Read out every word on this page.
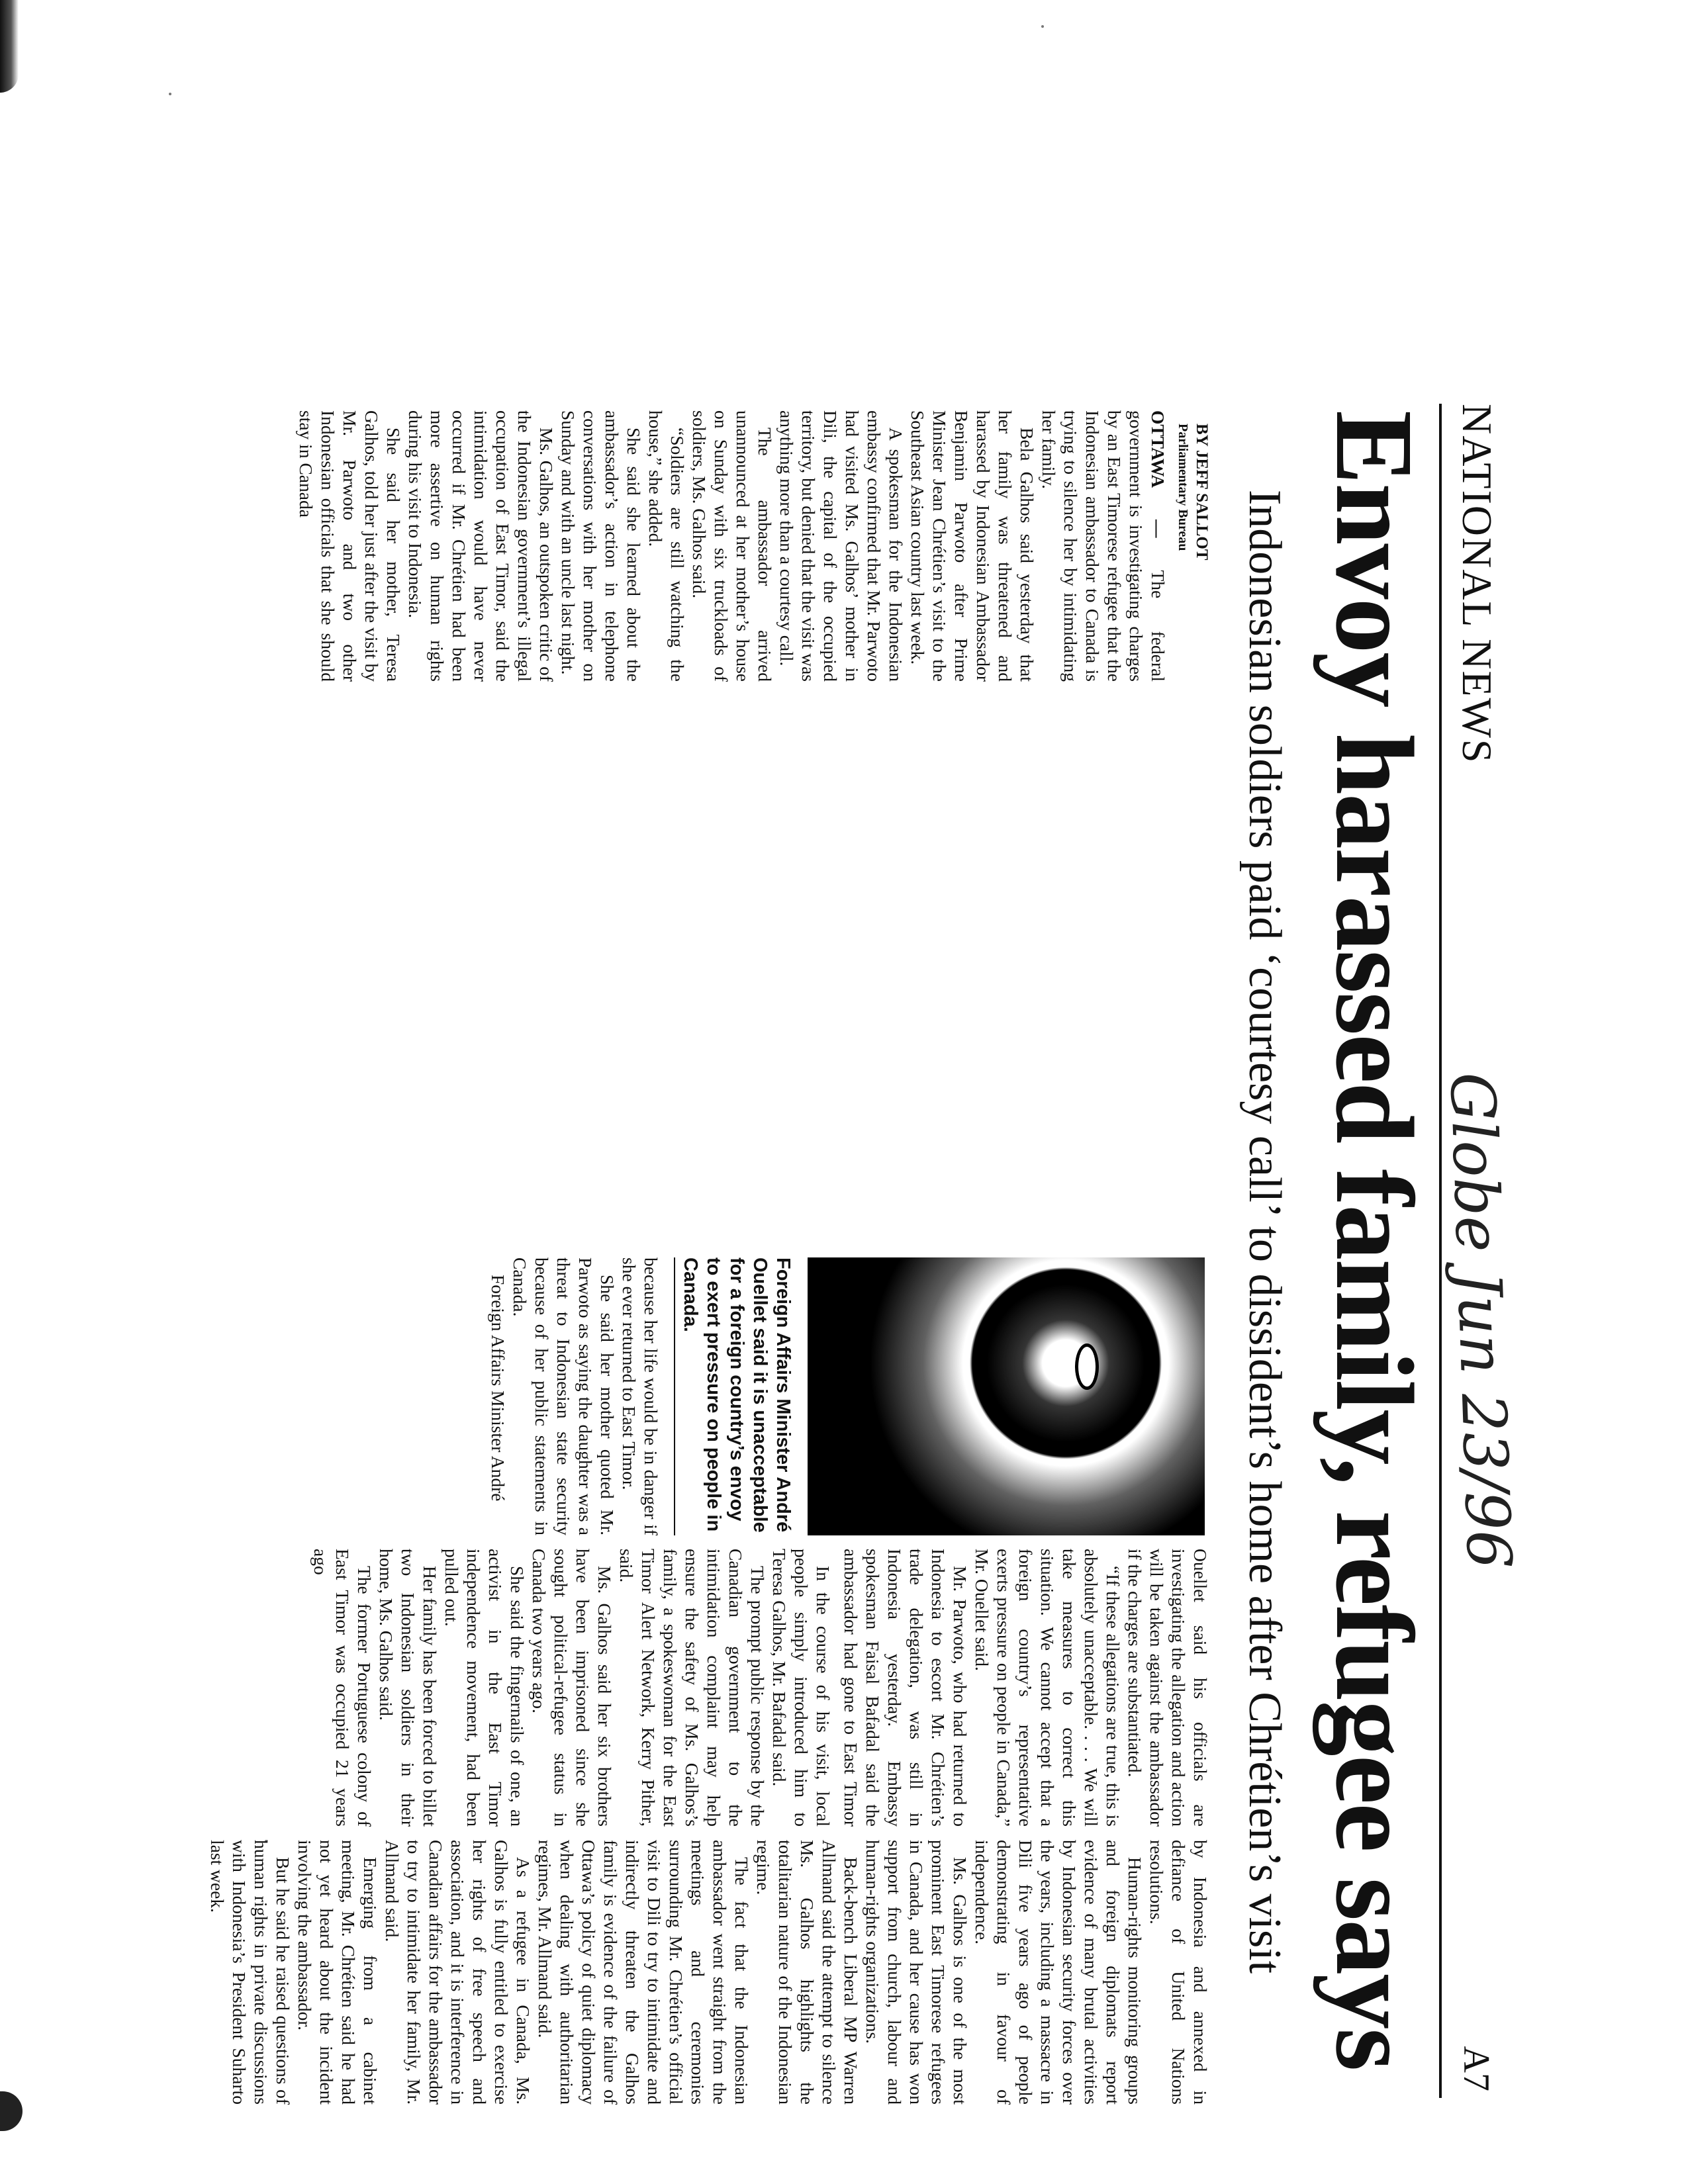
NATIONAL NEWS
Globe Jun 23/96
A7
Envoy harassed family, refugee says
Indonesian soldiers paid ‘courtesy call’ to dissident’s home after Chrétien’s visit
BY JEFF SALLOT
Parliamentary Bureau

OTTAWA — The federal government is investigating charges by an East Timorese refugee that the Indonesian ambassador to Canada is trying to silence her by intimidating her family.

Bela Galhos said yesterday that her family was threatened and harassed by Indonesian Ambassador Benjamin Parwoto after Prime Minister Jean Chrétien’s visit to the Southeast Asian country last week.

A spokesman for the Indonesian embassy confirmed that Mr. Parwoto had visited Ms. Galhos’ mother in Dili, the capital of the occupied territory, but denied that the visit was anything more than a courtesy call.

The ambassador arrived unannounced at her mother’s house on Sunday with six truckloads of soldiers, Ms. Galhos said.

“Soldiers are still watching the house,” she added.

She said she learned about the ambassador’s action in telephone conversations with her mother on Sunday and with an uncle last night.

Ms. Galhos, an outspoken critic of the Indonesian government’s illegal occupation of East Timor, said the intimidation would have never occurred if Mr. Chrétien had been more assertive on human rights during his visit to Indonesia.

She said her mother, Teresa Galhos, told her just after the visit by Mr. Parwoto and two other Indonesian officials that she should stay in Canada

Foreign Affairs Minister André Ouellet said it is unacceptable for a foreign country’s envoy to exert pressure on people in Canada.

because her life would be in danger if she ever returned to East Timor.

She said her mother quoted Mr. Parwoto as saying the daughter was a threat to Indonesian state security because of her public statements in Canada.

Foreign Affairs Minister André

Ouellet said his officials are investigating the allegation and action will be taken against the ambassador if the charges are substantiated.

“If these allegations are true, this is absolutely unacceptable. . . . We will take measures to correct this situation. We cannot accept that a foreign country’s representative exerts pressure on people in Canada,” Mr. Ouellet said.

Mr. Parwoto, who had returned to Indonesia to escort Mr. Chrétien’s trade delegation, was still in Indonesia yesterday. Embassy spokesman Faisal Bafadal said the ambassador had gone to East Timor

In the course of his visit, local people simply introduced him to Teresa Galhos, Mr. Bafadal said.

The prompt public response by the Canadian government to the intimidation complaint may help ensure the safety of Ms. Galhos’s family, a spokeswoman for the East Timor Alert Network, Kerry Pither, said.

Ms. Galhos said her six brothers have been imprisoned since she sought political-refugee status in Canada two years ago.

She said the fingernails of one, an activist in the East Timor independence movement, had been pulled out.

Her family has been forced to billet two Indonesian soldiers in their home, Ms. Galhos said.

The former Portuguese colony of East Timor was occupied 21 years ago

by Indonesia and annexed in defiance of United Nations resolutions.

Human-rights monitoring groups and foreign diplomats report evidence of many brutal activities by Indonesian security forces over the years, including a massacre in Dili five years ago of people demonstrating in favour of independence.

Ms. Galhos is one of the most prominent East Timorese refugees in Canada, and her cause has won support from church, labour and human-rights organizations.

Back-bench Liberal MP Warren Allmand said the attempt to silence Ms. Galhos highlights the totalitarian nature of the Indonesian regime.

The fact that the Indonesian ambassador went straight from the meetings and ceremonies surrounding Mr. Chrétien’s official visit to Dili to try to intimidate and indirectly threaten the Galhos family is evidence of the failure of Ottawa’s policy of quiet diplomacy when dealing with authoritarian regimes, Mr. Allmand said.

As a refugee in Canada, Ms. Galhos is fully entitled to exercise her rights of free speech and association, and it is interference in Canadian affairs for the ambassador to try to intimidate her family, Mr. Allmand said.

Emerging from a cabinet meeting, Mr. Chrétien said he had not yet heard about the incident involving the ambassador.

But he said he raised questions of human rights in private discussions with Indonesia’s President Suharto last week.
